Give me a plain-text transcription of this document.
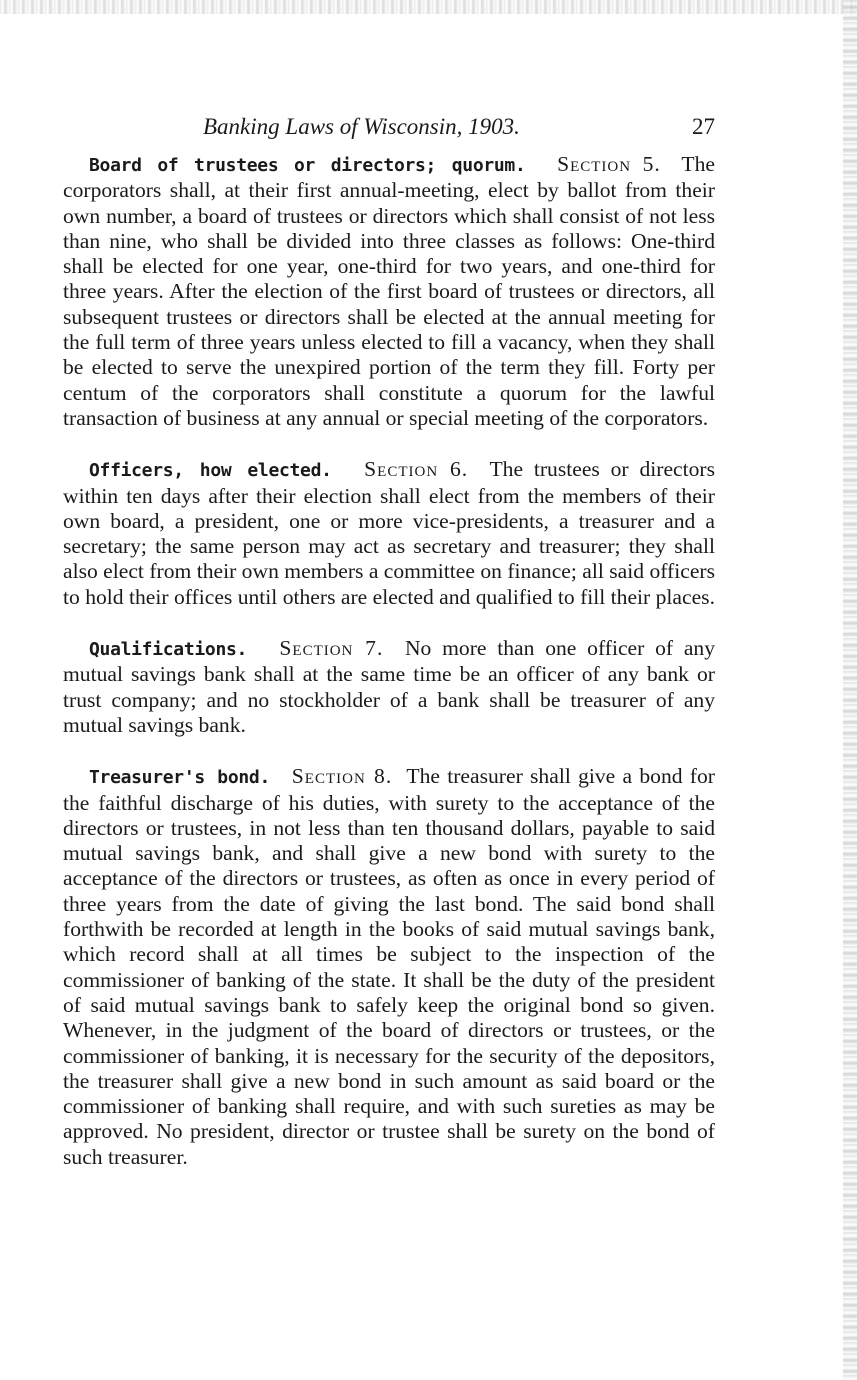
Banking Laws of Wisconsin, 1903.	27

Board of trustees or directors; quorum. Section 5. The corporators shall, at their first annual-meeting, elect by ballot from their own number, a board of trustees or directors which shall consist of not less than nine, who shall be divided into three classes as follows: One-third shall be elected for one year, one-third for two years, and one-third for three years. After the election of the first board of trustees or directors, all subsequent trustees or directors shall be elected at the annual meeting for the full term of three years unless elected to fill a vacancy, when they shall be elected to serve the unexpired portion of the term they fill. Forty per centum of the corporators shall constitute a quorum for the lawful transaction of business at any annual or special meeting of the corporators.

Officers, how elected. Section 6. The trustees or directors within ten days after their election shall elect from the members of their own board, a president, one or more vice-presidents, a treasurer and a secretary; the same person may act as secretary and treasurer; they shall also elect from their own members a committee on finance; all said officers to hold their offices until others are elected and qualified to fill their places.

Qualifications. Section 7. No more than one officer of any mutual savings bank shall at the same time be an officer of any bank or trust company; and no stockholder of a bank shall be treasurer of any mutual savings bank.

Treasurer's bond. Section 8. The treasurer shall give a bond for the faithful discharge of his duties, with surety to the acceptance of the directors or trustees, in not less than ten thousand dollars, payable to said mutual savings bank, and shall give a new bond with surety to the acceptance of the directors or trustees, as often as once in every period of three years from the date of giving the last bond. The said bond shall forthwith be recorded at length in the books of said mutual savings bank, which record shall at all times be subject to the inspection of the commissioner of banking of the state. It shall be the duty of the president of said mutual savings bank to safely keep the original bond so given. Whenever, in the judgment of the board of directors or trustees, or the commissioner of banking, it is necessary for the security of the depositors, the treasurer shall give a new bond in such amount as said board or the commissioner of banking shall require, and with such sureties as may be approved. No president, director or trustee shall be surety on the bond of such treasurer.
